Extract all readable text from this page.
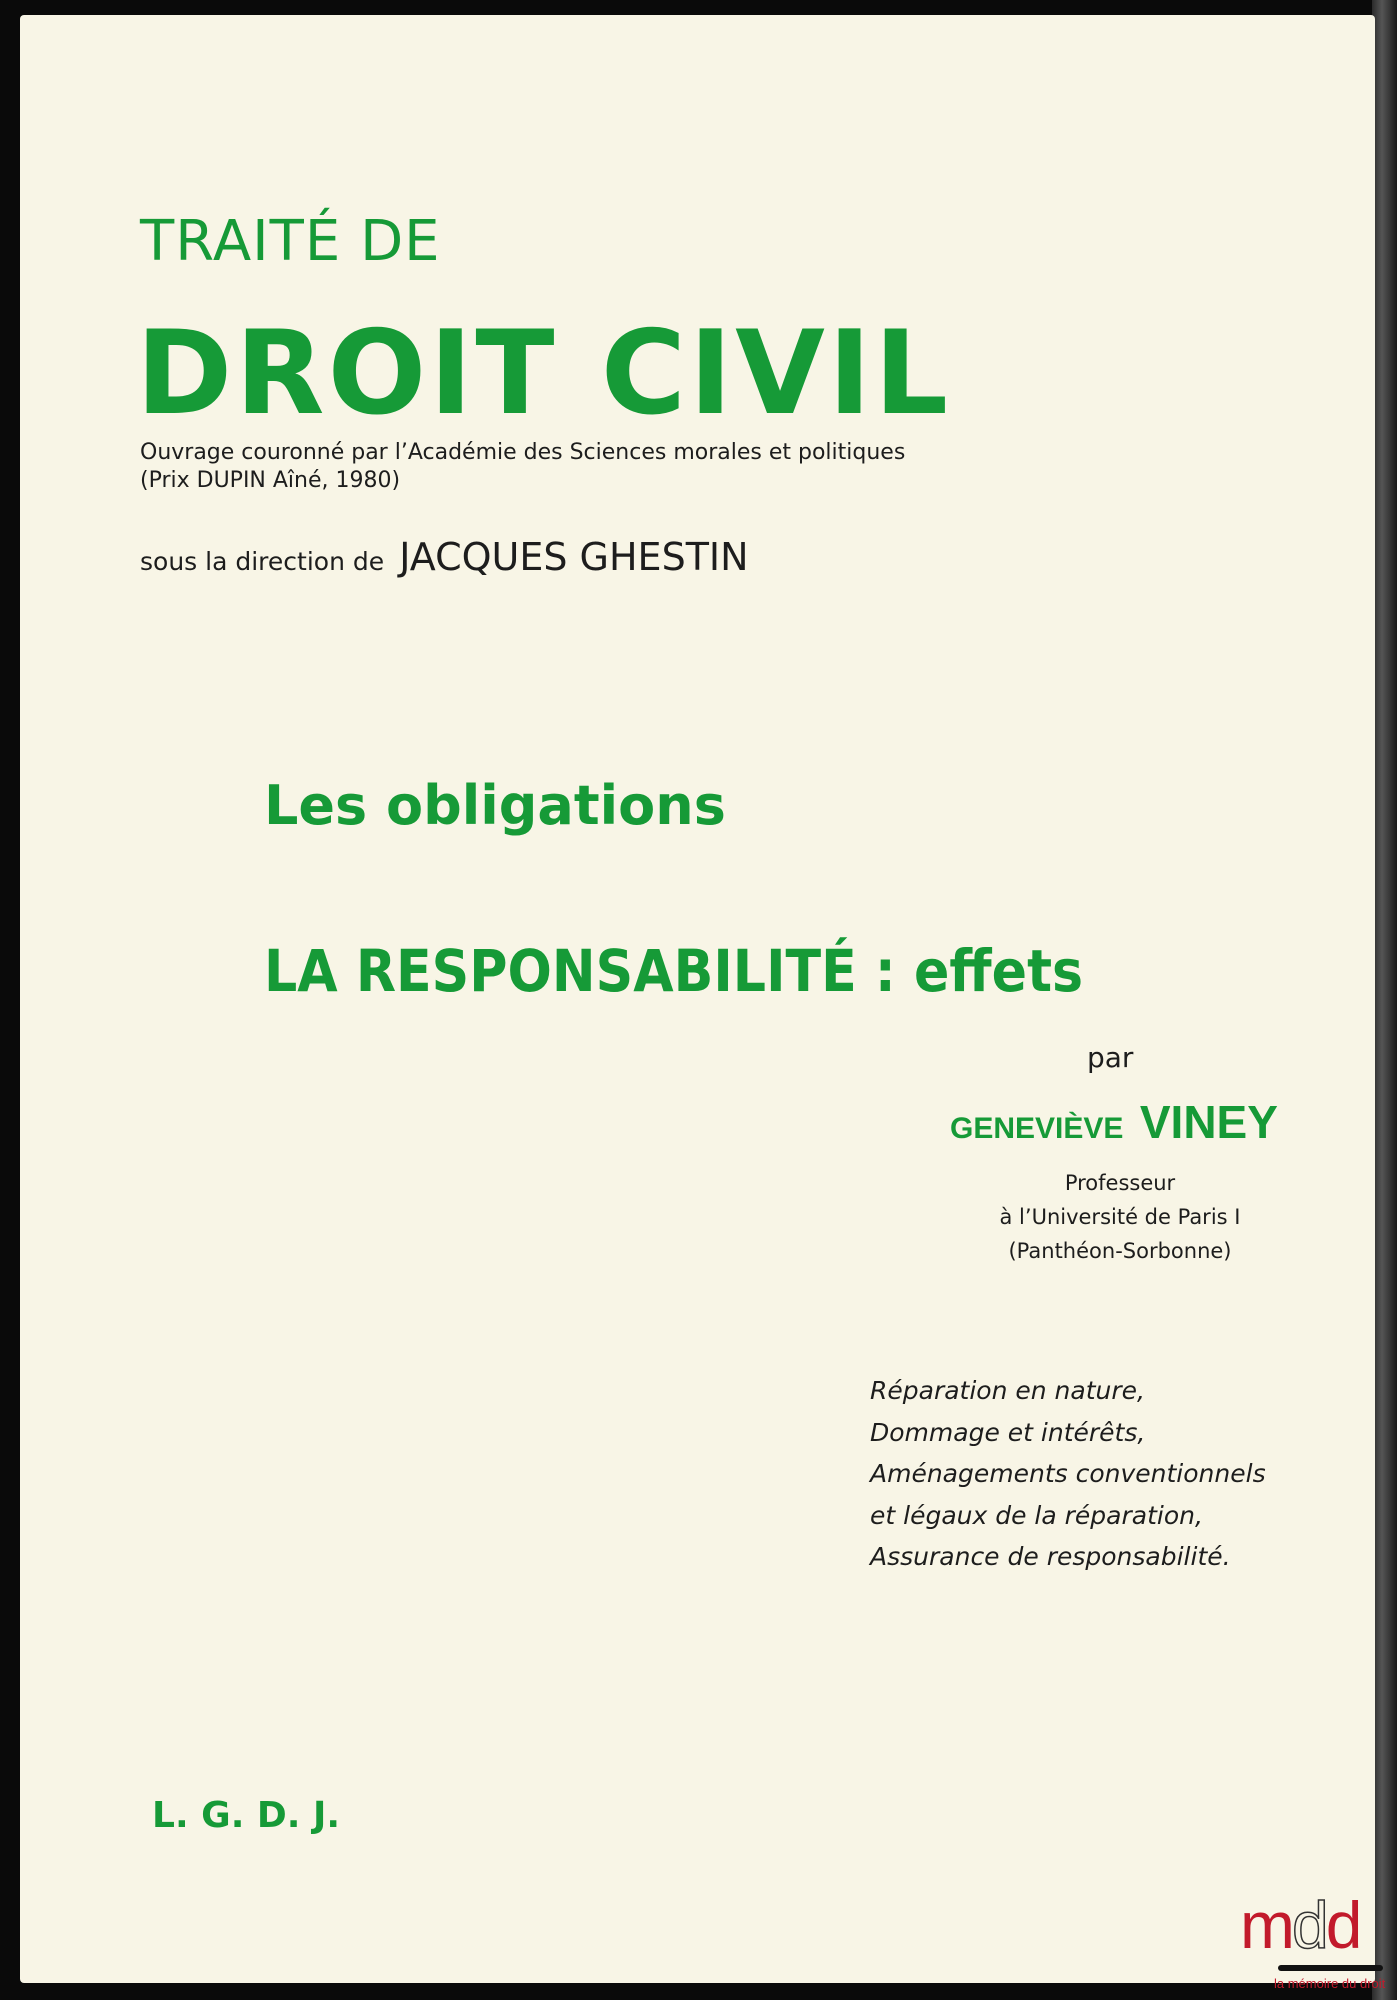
TRAITÉ DE

DROIT CIVIL

Ouvrage couronné par l’Académie des Sciences morales et politiques

(Prix DUPIN Aîné, 1980)

sous la direction de JACQUES GHESTIN

Les obligations

LA RESPONSABILITÉ : effets

par

GENEVIÈVE VINEY
Professeur
à l’Université de Paris I
(Panthéon-Sorbonne)
Réparation en nature,
Dommage et intérêts,
Aménagements conventionnels
et légaux de la réparation,
Assurance de responsabilité.

L. G. D. J.

mdd
la mémoire du droit
